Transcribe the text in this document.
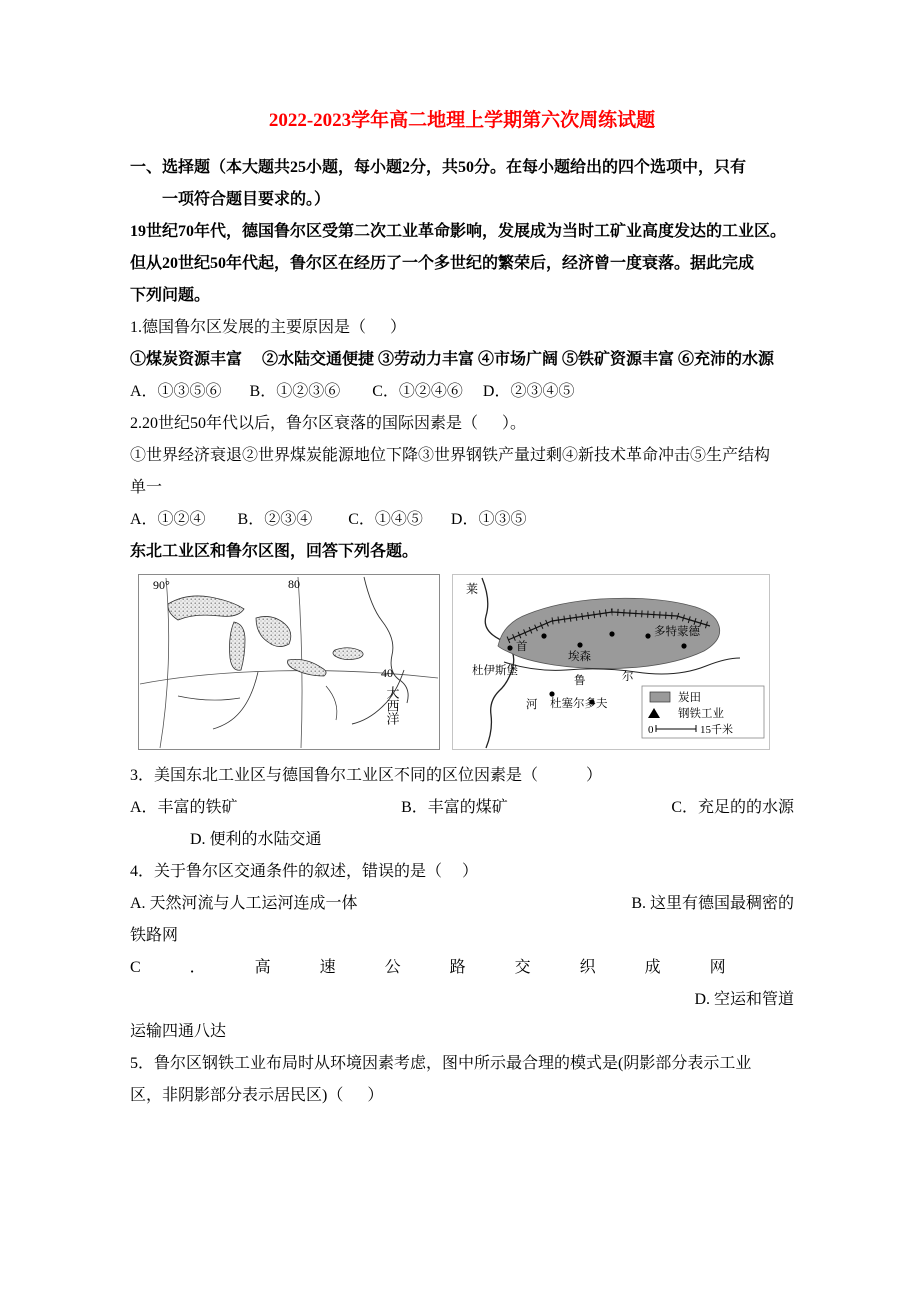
2022-2023学年高二地理上学期第六次周练试题
一、选择题（本大题共25小题，每小题2分，共50分。在每小题给出的四个选项中，只有
一项符合题目要求的。）
19世纪70年代，德国鲁尔区受第二次工业革命影响，发展成为当时工矿业高度发达的工业区。
但从20世纪50年代起，鲁尔区在经历了一个多世纪的繁荣后，经济曾一度衰落。据此完成
下列问题。
1.德国鲁尔区发展的主要原因是（      ）
①煤炭资源丰富　 ②水陆交通便捷 ③劳动力丰富 ④市场广阔 ⑤铁矿资源丰富 ⑥充沛的水源
A．①③⑤⑥       B．①②③⑥        C．①②④⑥     D．②③④⑤
2.20世纪50年代以后，鲁尔区衰落的国际因素是（      ）。
①世界经济衰退②世界煤炭能源地位下降③世界钢铁产量过剩④新技术革命冲击⑤生产结构
单一
A．①②④        B．②③④         C．①④⑤       D．①③⑤
东北工业区和鲁尔区图，回答下列各题。
90°	80
40
大西洋
莱
首
杜伊斯堡
埃森
多特蒙德
鲁	尔
河 杜塞尔多夫	炭田
钢铁工业
0	15千米
3．美国东北工业区与德国鲁尔工业区不同的区位因素是（            ）
A．丰富的铁矿	B．丰富的煤矿	C．充足的的水源
D. 便利的水陆交通
4．关于鲁尔区交通条件的叙述，错误的是（     ）
A. 天然河流与人工运河连成一体	B. 这里有德国最稠密的
铁路网
C．高速公路交织成网
D. 空运和管道
运输四通八达
5．鲁尔区钢铁工业布局时从环境因素考虑，图中所示最合理的模式是(阴影部分表示工业
区，非阴影部分表示居民区)（      ）
